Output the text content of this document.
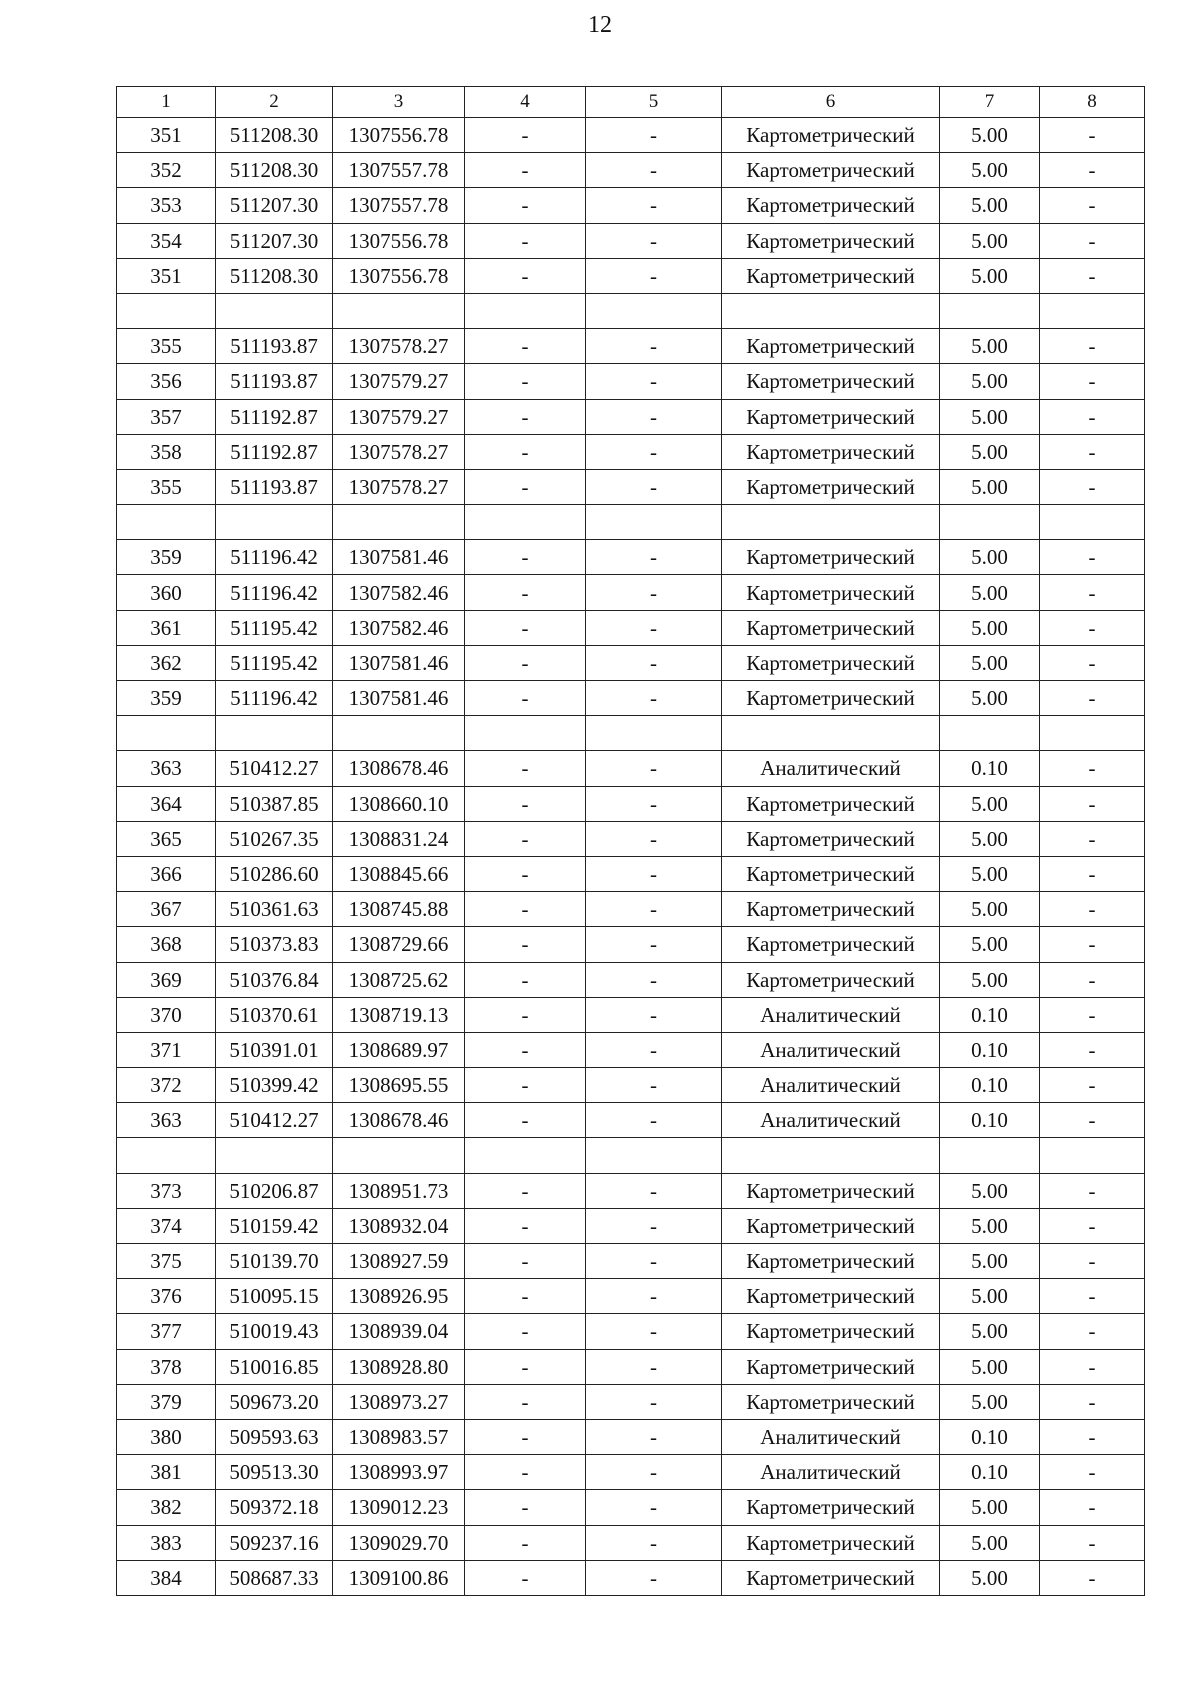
12
1	2	3	4	5	6	7	8
351	511208.30	1307556.78	-	-	Картометрический	5.00	-
352	511208.30	1307557.78	-	-	Картометрический	5.00	-
353	511207.30	1307557.78	-	-	Картометрический	5.00	-
354	511207.30	1307556.78	-	-	Картометрический	5.00	-
351	511208.30	1307556.78	-	-	Картометрический	5.00	-

355	511193.87	1307578.27	-	-	Картометрический	5.00	-
356	511193.87	1307579.27	-	-	Картометрический	5.00	-
357	511192.87	1307579.27	-	-	Картометрический	5.00	-
358	511192.87	1307578.27	-	-	Картометрический	5.00	-
355	511193.87	1307578.27	-	-	Картометрический	5.00	-

359	511196.42	1307581.46	-	-	Картометрический	5.00	-
360	511196.42	1307582.46	-	-	Картометрический	5.00	-
361	511195.42	1307582.46	-	-	Картометрический	5.00	-
362	511195.42	1307581.46	-	-	Картометрический	5.00	-
359	511196.42	1307581.46	-	-	Картометрический	5.00	-

363	510412.27	1308678.46	-	-	Аналитический	0.10	-
364	510387.85	1308660.10	-	-	Картометрический	5.00	-
365	510267.35	1308831.24	-	-	Картометрический	5.00	-
366	510286.60	1308845.66	-	-	Картометрический	5.00	-
367	510361.63	1308745.88	-	-	Картометрический	5.00	-
368	510373.83	1308729.66	-	-	Картометрический	5.00	-
369	510376.84	1308725.62	-	-	Картометрический	5.00	-
370	510370.61	1308719.13	-	-	Аналитический	0.10	-
371	510391.01	1308689.97	-	-	Аналитический	0.10	-
372	510399.42	1308695.55	-	-	Аналитический	0.10	-
363	510412.27	1308678.46	-	-	Аналитический	0.10	-

373	510206.87	1308951.73	-	-	Картометрический	5.00	-
374	510159.42	1308932.04	-	-	Картометрический	5.00	-
375	510139.70	1308927.59	-	-	Картометрический	5.00	-
376	510095.15	1308926.95	-	-	Картометрический	5.00	-
377	510019.43	1308939.04	-	-	Картометрический	5.00	-
378	510016.85	1308928.80	-	-	Картометрический	5.00	-
379	509673.20	1308973.27	-	-	Картометрический	5.00	-
380	509593.63	1308983.57	-	-	Аналитический	0.10	-
381	509513.30	1308993.97	-	-	Аналитический	0.10	-
382	509372.18	1309012.23	-	-	Картометрический	5.00	-
383	509237.16	1309029.70	-	-	Картометрический	5.00	-
384	508687.33	1309100.86	-	-	Картометрический	5.00	-
